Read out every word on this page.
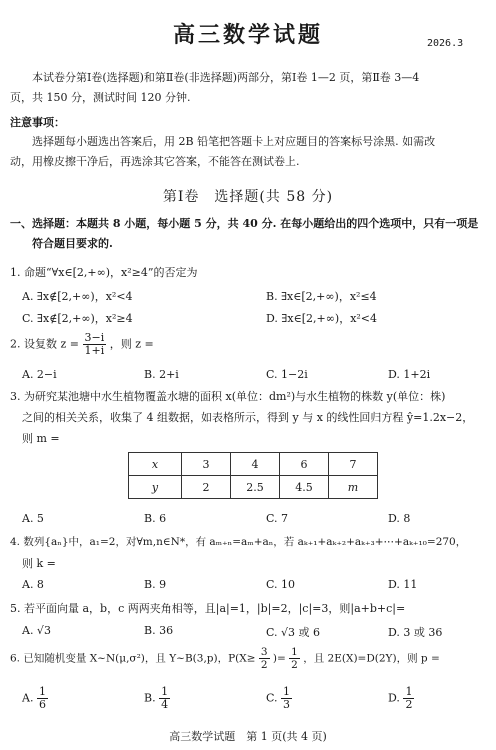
高三数学试题	2026.3
本试卷分第Ⅰ卷(选择题)和第Ⅱ卷(非选择题)两部分，第Ⅰ卷 1—2 页，第Ⅱ卷 3—4
页，共 150 分，测试时间 120 分钟.
注意事项：
选择题每小题选出答案后，用 2B 铅笔把答题卡上对应题目的答案标号涂黑. 如需改
动，用橡皮擦干净后，再选涂其它答案，不能答在测试卷上.
第Ⅰ卷　选择题(共 58 分)
一、选择题：本题共 8 小题，每小题 5 分，共 40 分. 在每小题给出的四个选项中，只有一项是
符合题目要求的.
1. 命题“∀x∈[2,+∞)，x²≥4”的否定为
A. ∃x∉[2,+∞)，x²<4	B. ∃x∈[2,+∞)，x²≤4
C. ∃x∉[2,+∞)，x²≥4	D. ∃x∈[2,+∞)，x²<4
2. 设复数 $z = \frac{3-i}{1+i}$ ，则 z =
A. 2−i	B. 2+i	C. 1−2i	D. 1+2i
3. 为研究某池塘中水生植物覆盖水塘的面积 x(单位：dm²)与水生植物的株数 y(单位：株)
之间的相关关系，收集了 4 组数据，如表格所示，得到 y 与 x 的线性回归方程 ŷ=1.2x−2，
则 m =
x	3	4	6	7
y	2	2.5	4.5	m
A. 5	B. 6	C. 7	D. 8
4. 数列{aₙ}中，a₁=2，对∀m,n∈N*，有 aₘ₊ₙ=aₘ+aₙ，若 aₖ₊₁+aₖ₊₂+aₖ₊₃+⋯+aₖ₊₁₀=270，
则 k =
A. 8	B. 9	C. 10	D. 11
5. 若平面向量 a，b，c 两两夹角相等，且|a|=1，|b|=2，|c|=3，则|a+b+c|=
A. √3	B. 36	C. √3 或 6	D. 3 或 36
6. 已知随机变量 X~N(μ,σ²)，且 Y~B(3,p)，$P(X\ge \frac{3}{2}$ )= $\frac{1}{2}$ ，且 2E(X)=D(2Y)，则 p =
A. $\frac{1}{6}$	B. $\frac{1}{4}$	C. $\frac{1}{3}$	D. $\frac{1}{2}$
高三数学试题　第 1 页(共 4 页)
